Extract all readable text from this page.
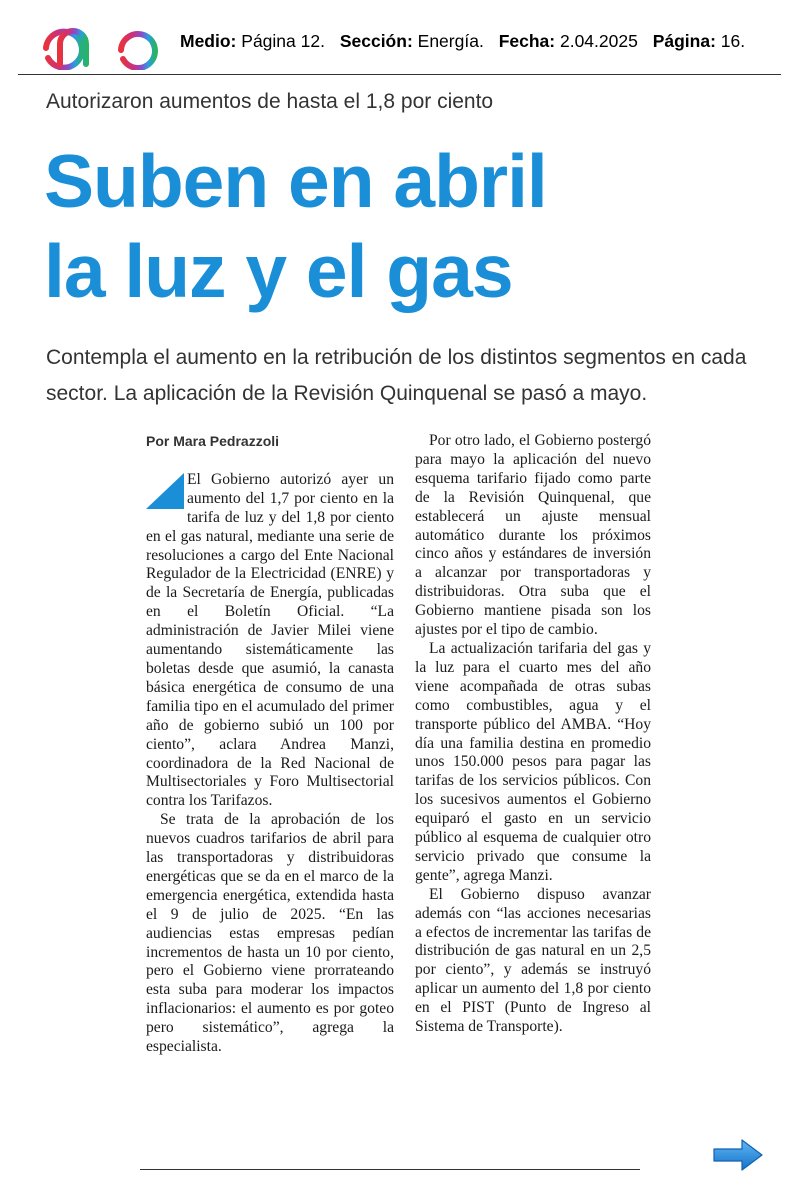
Medio: Página 12. Sección: Energía. Fecha: 2.04.2025 Página: 16.
Autorizaron aumentos de hasta el 1,8 por ciento
Suben en abril
la luz y el gas
Contempla el aumento en la retribución de los distintos segmentos en cada sector. La aplicación de la Revisión Quinquenal se pasó a mayo.
Por Mara Pedrazzoli

El Gobierno autorizó ayer un aumento del 1,7 por ciento en la tarifa de luz y del 1,8 por ciento en el gas natural, mediante una serie de resoluciones a cargo del Ente Nacional Regulador de la Electricidad (ENRE) y de la Secretaría de Energía, publicadas en el Boletín Oficial. “La administración de Javier Milei viene aumentando sistemáticamente las boletas desde que asumió, la canasta básica energética de consumo de una familia tipo en el acumulado del primer año de gobierno subió un 100 por ciento”, aclara Andrea Manzi, coordinadora de la Red Nacional de Multisectoriales y Foro Multisectorial contra los Tarifazos.

Se trata de la aprobación de los nuevos cuadros tarifarios de abril para las transportadoras y distribuidoras energéticas que se da en el marco de la emergencia energética, extendida hasta el 9 de julio de 2025. “En las audiencias estas empresas pedían incrementos de hasta un 10 por ciento, pero el Gobierno viene prorrateando esta suba para moderar los impactos inflacionarios: el aumento es por goteo pero sistemático”, agrega la especialista.

Por otro lado, el Gobierno postergó para mayo la aplicación del nuevo esquema tarifario fijado como parte de la Revisión Quinquenal, que establecerá un ajuste mensual automático durante los próximos cinco años y estándares de inversión a alcanzar por transportadoras y distribuidoras. Otra suba que el Gobierno mantiene pisada son los ajustes por el tipo de cambio.

La actualización tarifaria del gas y la luz para el cuarto mes del año viene acompañada de otras subas como combustibles, agua y el transporte público del AMBA. “Hoy día una familia destina en promedio unos 150.000 pesos para pagar las tarifas de los servicios públicos. Con los sucesivos aumentos el Gobierno equiparó el gasto en un servicio público al esquema de cualquier otro servicio privado que consume la gente”, agrega Manzi.

El Gobierno dispuso avanzar además con “las acciones necesarias a efectos de incrementar las tarifas de distribución de gas natural en un 2,5 por ciento”, y además se instruyó aplicar un aumento del 1,8 por ciento en el PIST (Punto de Ingreso al Sistema de Transporte).
